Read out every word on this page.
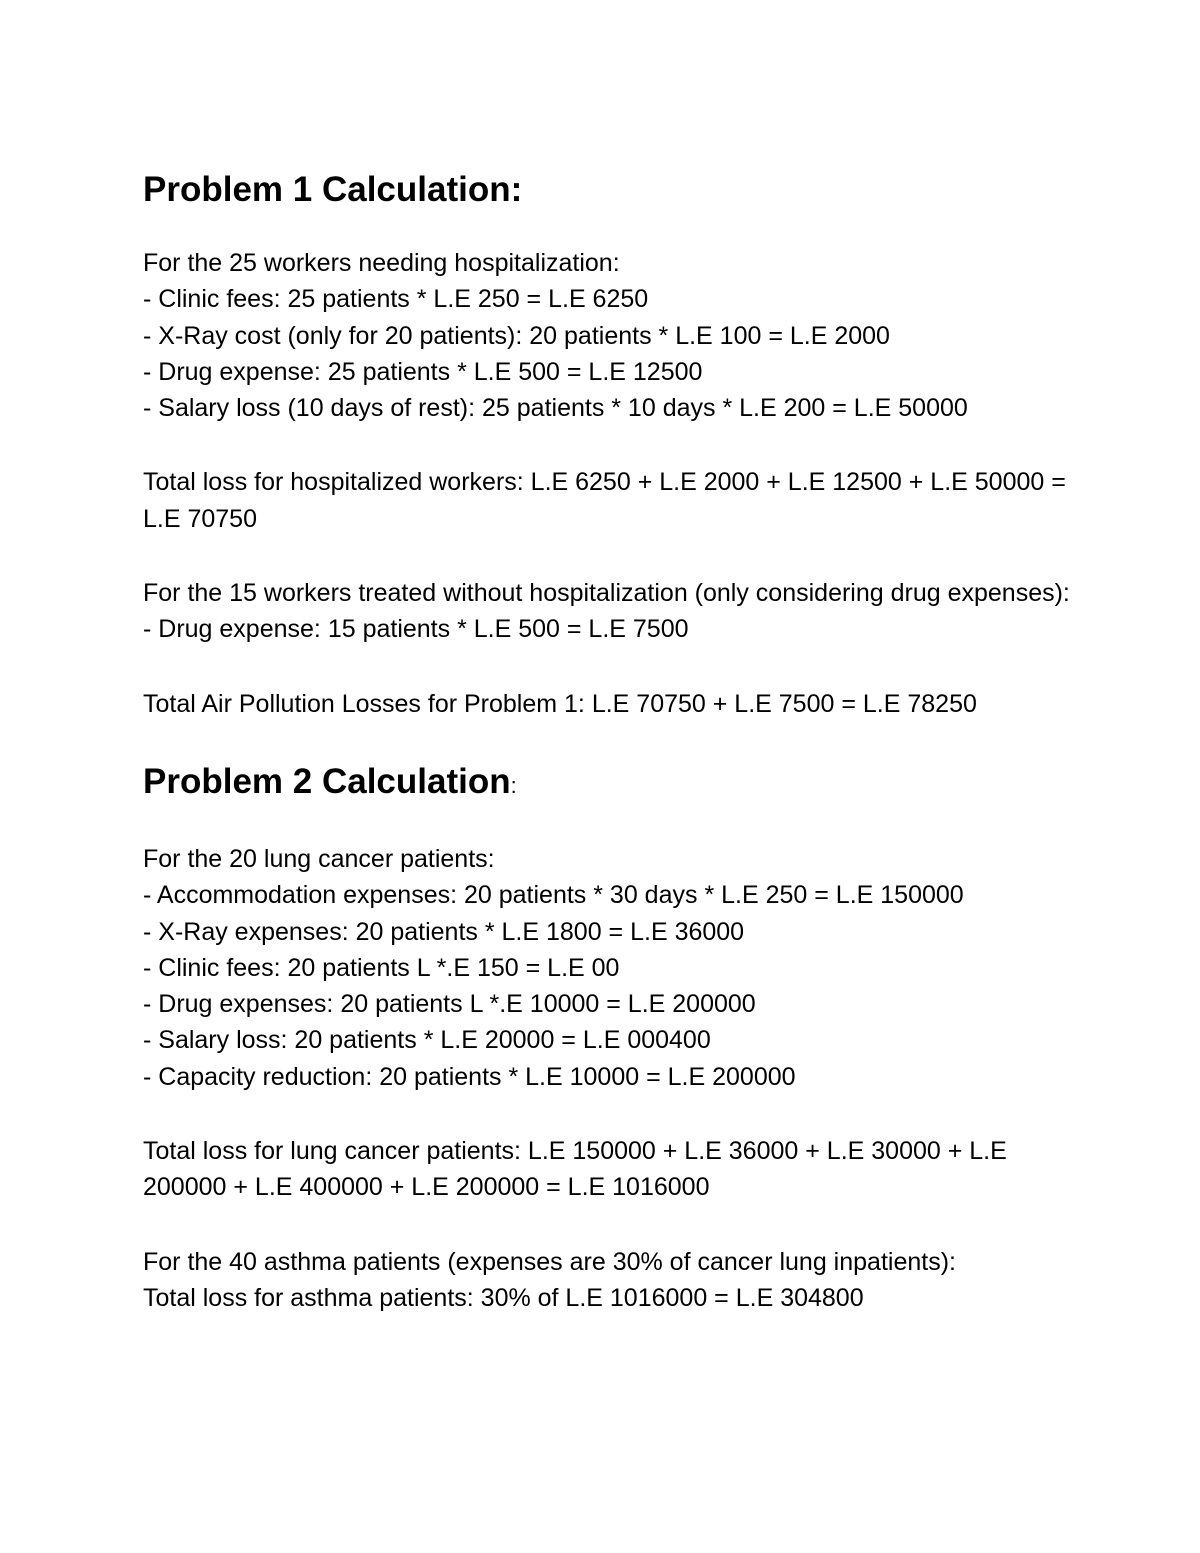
Problem 1 Calculation:

For the 25 workers needing hospitalization:

- Clinic fees: 25 patients * L.E 250 = L.E 6250

- X-Ray cost (only for 20 patients): 20 patients * L.E 100 = L.E 2000

- Drug expense: 25 patients * L.E 500 = L.E 12500

- Salary loss (10 days of rest): 25 patients * 10 days * L.E 200 = L.E 50000

Total loss for hospitalized workers: L.E 6250 + L.E 2000 + L.E 12500 + L.E 50000 = L.E 70750

For the 15 workers treated without hospitalization (only considering drug expenses):

- Drug expense: 15 patients * L.E 500 = L.E 7500

Total Air Pollution Losses for Problem 1: L.E 70750 + L.E 7500 = L.E 78250

Problem 2 Calculation:

For the 20 lung cancer patients:

- Accommodation expenses: 20 patients * 30 days * L.E 250 = L.E 150000

- X-Ray expenses: 20 patients * L.E 1800 = L.E 36000

- Clinic fees: 20 patients L *.E 150 = L.E 00

- Drug expenses: 20 patients L *.E 10000 = L.E 200000

- Salary loss: 20 patients * L.E 20000 = L.E 000400

- Capacity reduction: 20 patients * L.E 10000 = L.E 200000

Total loss for lung cancer patients: L.E 150000 + L.E 36000 + L.E 30000 + L.E 200000 + L.E 400000 + L.E 200000 = L.E 1016000

For the 40 asthma patients (expenses are 30% of cancer lung inpatients):

Total loss for asthma patients: 30% of L.E 1016000 = L.E 304800
